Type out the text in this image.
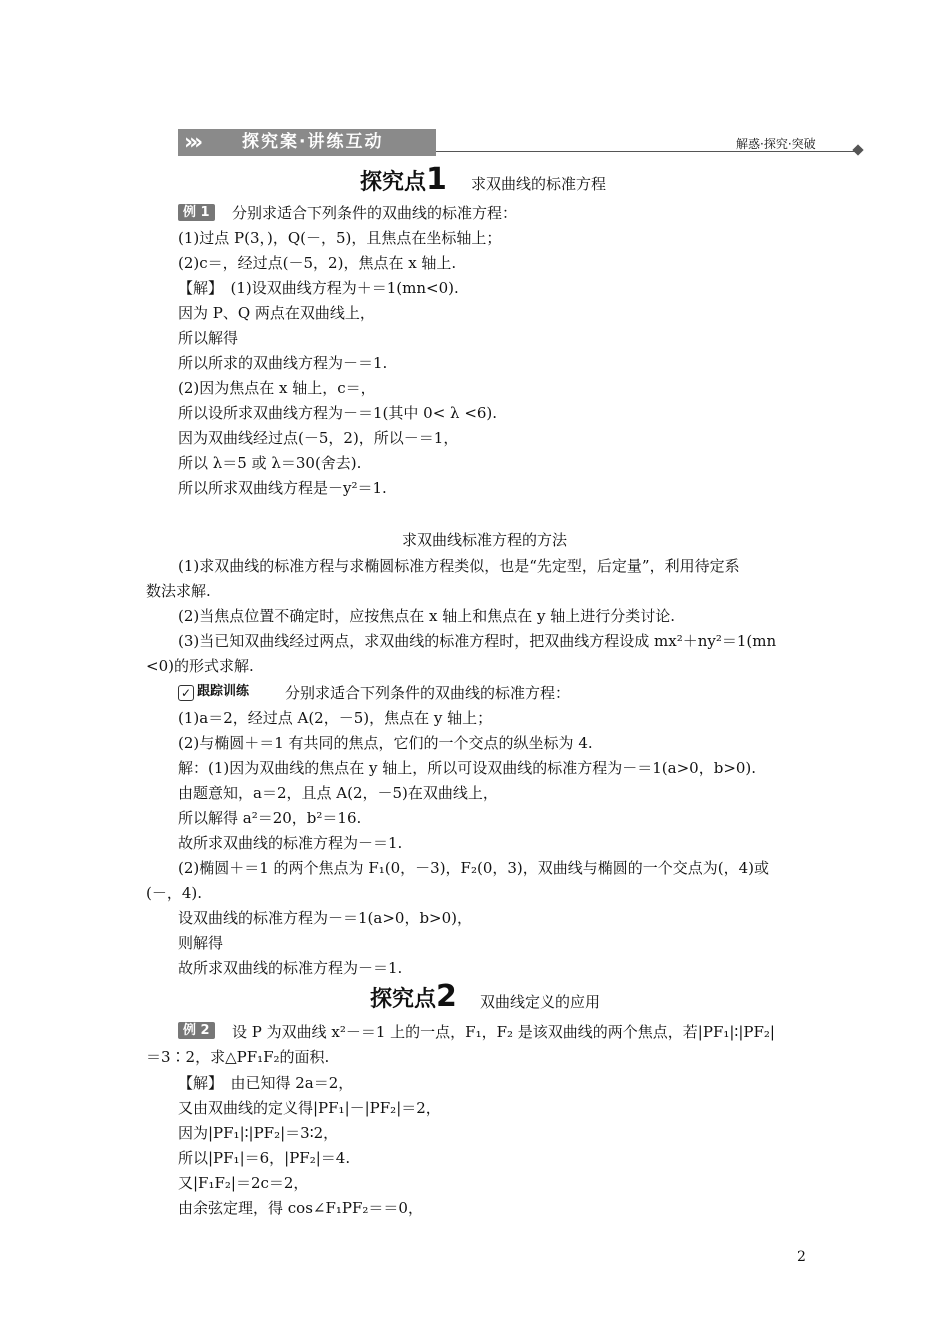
›››	探究案·讲练互动	解惑·探究·突破
探究点1 求双曲线的标准方程
例 1	分别求适合下列条件的双曲线的标准方程：
(1)过点 P(3，)，Q(－，5)，且焦点在坐标轴上；
(2)c＝，经过点(－5，2)，焦点在 x 轴上.
【解】　(1)设双曲线方程为＋＝1(mn<0).
因为 P、Q 两点在双曲线上，
所以解得
所以所求的双曲线方程为－＝1.
(2)因为焦点在 x 轴上，c＝，
所以设所求双曲线方程为－＝1(其中 0< λ <6).
因为双曲线经过点(－5，2)，所以－＝1，
所以 λ＝5 或 λ＝30(舍去).
所以所求双曲线方程是－y²＝1.
求双曲线标准方程的方法
(1)求双曲线的标准方程与求椭圆标准方程类似，也是“先定型，后定量”，利用待定系
数法求解.
(2)当焦点位置不确定时，应按焦点在 x 轴上和焦点在 y 轴上进行分类讨论.
(3)当已知双曲线经过两点，求双曲线的标准方程时，把双曲线方程设成 mx²＋ny²＝1(mn
<0)的形式求解.
✓ 跟踪训练 分别求适合下列条件的双曲线的标准方程：
(1)a＝2，经过点 A(2，－5)，焦点在 y 轴上；
(2)与椭圆＋＝1 有共同的焦点，它们的一个交点的纵坐标为 4.
解：(1)因为双曲线的焦点在 y 轴上，所以可设双曲线的标准方程为－＝1(a>0，b>0).
由题意知，a＝2，且点 A(2，－5)在双曲线上，
所以解得 a²＝20，b²＝16.
故所求双曲线的标准方程为－＝1.
(2)椭圆＋＝1 的两个焦点为 F₁(0，－3)，F₂(0，3)，双曲线与椭圆的一个交点为(，4)或
(－，4).
设双曲线的标准方程为－＝1(a>0，b>0)，
则解得
故所求双曲线的标准方程为－＝1.
探究点2 双曲线定义的应用
例 2	设 P 为双曲线 x²－＝1 上的一点，F₁，F₂ 是该双曲线的两个焦点，若|PF₁|∶|PF₂|
＝3∶2，求△PF₁F₂的面积.
【解】　由已知得 2a＝2，
又由双曲线的定义得|PF₁|－|PF₂|＝2，
因为|PF₁|∶|PF₂|＝3∶2，
所以|PF₁|＝6，|PF₂|＝4.
又|F₁F₂|＝2c＝2，
由余弦定理，得 cos∠F₁PF₂＝＝0，
2
